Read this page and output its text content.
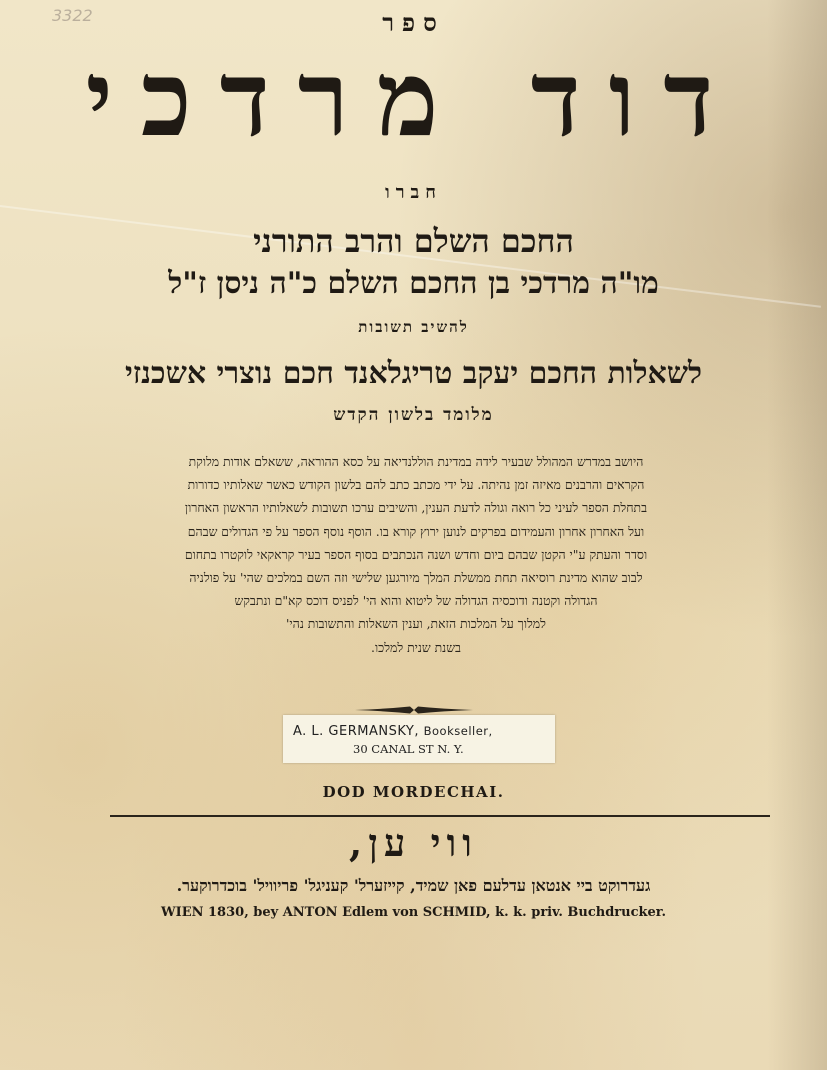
3322	ספר
דוד מרדכי
חברו
החכם השלם והרב התורני
מו"ה מרדכי בן החכם השלם כ"ה ניסן ז"ל
להשיב תשובות
לשאלות החכם יעקב טריגלאנד חכם נוצרי אשכנזי
מלומד בלשון הקדש
היושב במדרש המהולל שבעיר לידה במדינת הוללנדיאה על כסא ההוראה, ששאלם אודות מלוקת
הקראים והרבנים מאיזה זמן נהיתה. על ידי מכתב כתב להם בלשון הקודש כאשר שאלותיו כדורות
בתחלת הספר לעיני כל רואה וגולה לדעת הענין, והשיבים ערכו תשובות לשאלותיו הראשון האחרון
ועל האחרון אחרון והעמידום בפרקים לנוען ירוץ קורא בו. הוסף נוסף הספר על פי הגדולים שבהם
וסדר והעתק ע"י הקטן שבהם ביום וחדש ושנה הנכתבים בסוף הספר בעיר קראקאי לוקטרו בתחום
לבוב שהוא מדינת רוסיאה תחת ממשלת המלך מיורגען שלישי וזה השם במלכים שהי' על פולניה
הגדולה וקטנה ודוכסיה הגדולה של ליטוא והוא הי' לפניס דוכס קא"ם ונתבקש
למלוך על המלכות הזאת, וענין השאלות והתשובות נהי'
בשנת שנית למלכו.
A. L. GERMANSKY, Bookseller,
30 CANAL ST N. Y.
DOD MORDECHAI.
ווי ען,
געדרוקט ביי אנטאן עדלעם פאן שמיד, קייזערל' קעניגל' פריוויל' בוכדרוקער.
WIEN 1830, bey ANTON Edlem von SCHMID, k. k. priv. Buchdrucker.
